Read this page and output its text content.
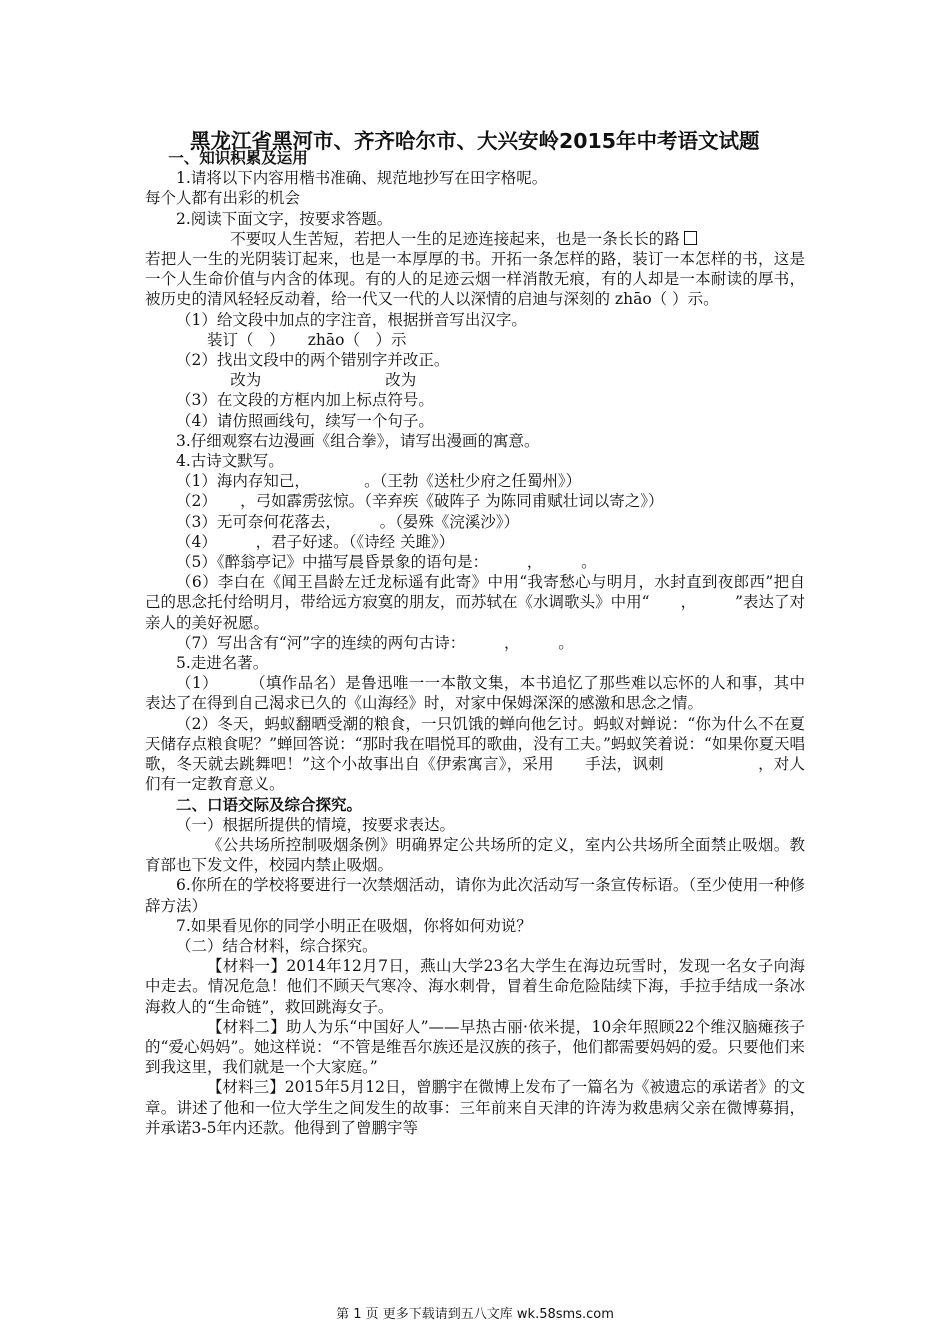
黑龙江省黑河市、齐齐哈尔市、大兴安岭2015年中考语文试题

一、知识积累及运用

1.请将以下内容用楷书准确、规范地抄写在田字格呢。

每个人都有出彩的机会

2.阅读下面文字，按要求答题。

不要叹人生苦短，若把人一生的足迹连接起来，也是一条长长的路

若把人一生的光阴装订起来，也是一本厚厚的书。开拓一条怎样的路，装订一本怎样的书，这是一个人生命价值与内含的体现。有的人的足迹云烟一样消散无痕，有的人却是一本耐读的厚书，被历史的清风轻轻反动着，给一代又一代的人以深情的启迪与深刻的 zhāo（ ）示。

（1）给文段中加点的字注音，根据拼音写出汉字。

装订（　）　　zhāo（　）示

（2）找出文段中的两个错别字并改正。

改为　　　　　　　　改为

（3）在文段的方框内加上标点符号。

（4）请仿照画线句，续写一个句子。

3.仔细观察右边漫画《组合拳》，请写出漫画的寓意。

4.古诗文默写。

（1）海内存知己，　　　　。（王勃《送杜少府之任蜀州》）

（2）　　，弓如霹雳弦惊。（辛弃疾《破阵子 为陈同甫赋壮词以寄之》）

（3）无可奈何花落去，　　　。（晏殊《浣溪沙》）

（4）　　　，君子好逑。（《诗经 关雎》）

（5）《醉翁亭记》中描写晨昏景象的语句是：　　　，　　　。

（6）李白在《闻王昌龄左迁龙标遥有此寄》中用“我寄愁心与明月，水封直到夜郎西”把自己的思念托付给明月，带给远方寂寞的朋友，而苏轼在《水调歌头》中用“　　，　　　”表达了对亲人的美好祝愿。

（7）写出含有“河”字的连续的两句古诗：　　　，　　　。

5.走进名著。

（1）　　　（填作品名）是鲁迅唯一一本散文集，本书追忆了那些难以忘怀的人和事，其中表达了在得到自己渴求已久的《山海经》时，对家中保姆深深的感激和思念之情。

（2）冬天，蚂蚁翻晒受潮的粮食，一只饥饿的蝉向他乞讨。蚂蚁对蝉说：“你为什么不在夏天储存点粮食呢？”蝉回答说：“那时我在唱悦耳的歌曲，没有工夫。”蚂蚁笑着说：“如果你夏天唱歌，冬天就去跳舞吧！”这个小故事出自《伊索寓言》，采用　　手法，讽刺　　　　　　，对人们有一定教育意义。

二、口语交际及综合探究。

（一）根据所提供的情境，按要求表达。

《公共场所控制吸烟条例》明确界定公共场所的定义，室内公共场所全面禁止吸烟。教育部也下发文件，校园内禁止吸烟。

6.你所在的学校将要进行一次禁烟活动，请你为此次活动写一条宣传标语。（至少使用一种修辞方法）

7.如果看见你的同学小明正在吸烟，你将如何劝说？

（二）结合材料，综合探究。

【材料一】2014年12月7日，燕山大学23名大学生在海边玩雪时，发现一名女子向海中走去。情况危急！他们不顾天气寒冷、海水刺骨，冒着生命危险陆续下海，手拉手结成一条冰海救人的“生命链”，救回跳海女子。

【材料二】助人为乐“中国好人”——早热古丽·依米提，10余年照顾22个维汉脑瘫孩子的“爱心妈妈”。她这样说：“不管是维吾尔族还是汉族的孩子，他们都需要妈妈的爱。只要他们来到我这里，我们就是一个大家庭。”

【材料三】2015年5月12日，曾鹏宇在微博上发布了一篇名为《被遗忘的承诺者》的文章。讲述了他和一位大学生之间发生的故事：三年前来自天津的许涛为救患病父亲在微博募捐，并承诺3-5年内还款。他得到了曾鹏宇等

第 1 页 更多下载请到五八文库 wk.58sms.com
